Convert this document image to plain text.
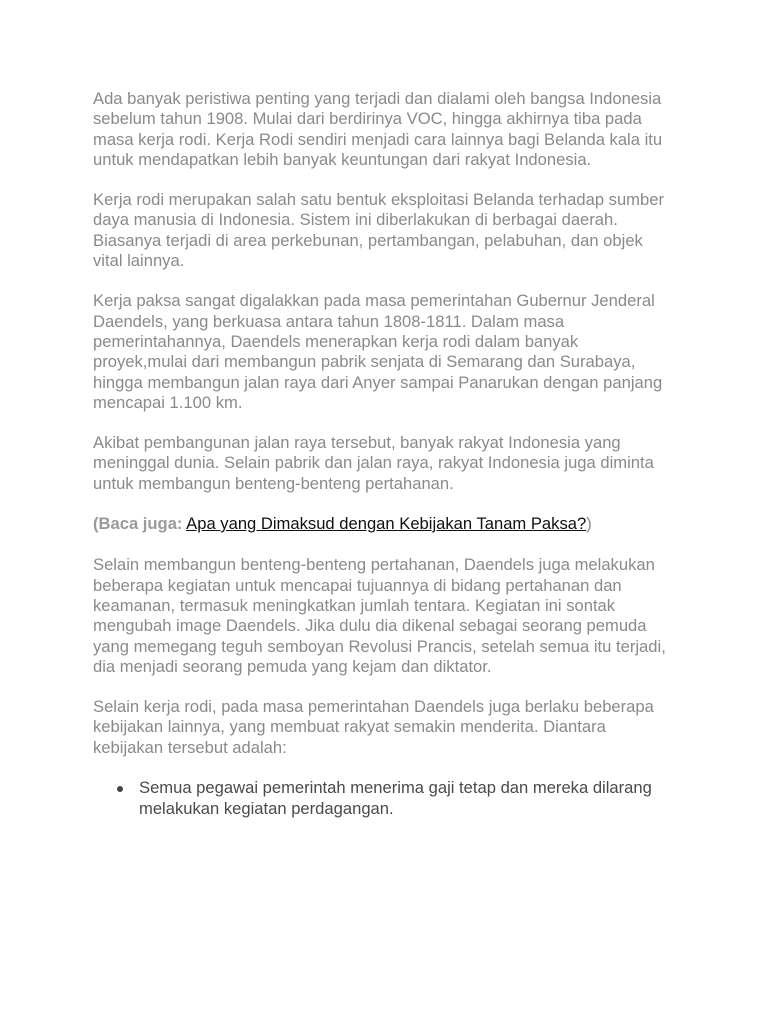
Ada banyak peristiwa penting yang terjadi dan dialami oleh bangsa Indonesia sebelum tahun 1908. Mulai dari berdirinya VOC, hingga akhirnya tiba pada masa kerja rodi. Kerja Rodi sendiri menjadi cara lainnya bagi Belanda kala itu untuk mendapatkan lebih banyak keuntungan dari rakyat Indonesia.

Kerja rodi merupakan salah satu bentuk eksploitasi Belanda terhadap sumber daya manusia di Indonesia. Sistem ini diberlakukan di berbagai daerah. Biasanya terjadi di area perkebunan, pertambangan, pelabuhan, dan objek vital lainnya.

Kerja paksa sangat digalakkan pada masa pemerintahan Gubernur Jenderal Daendels, yang berkuasa antara tahun 1808-1811. Dalam masa pemerintahannya, Daendels menerapkan kerja rodi dalam banyak proyek,mulai dari membangun pabrik senjata di Semarang dan Surabaya, hingga membangun jalan raya dari Anyer sampai Panarukan dengan panjang mencapai 1.100 km.

Akibat pembangunan jalan raya tersebut, banyak rakyat Indonesia yang meninggal dunia. Selain pabrik dan jalan raya, rakyat Indonesia juga diminta untuk membangun benteng-benteng pertahanan.

(Baca juga: Apa yang Dimaksud dengan Kebijakan Tanam Paksa?)

Selain membangun benteng-benteng pertahanan, Daendels juga melakukan beberapa kegiatan untuk mencapai tujuannya di bidang pertahanan dan keamanan, termasuk meningkatkan jumlah tentara. Kegiatan ini sontak mengubah image Daendels. Jika dulu dia dikenal sebagai seorang pemuda yang memegang teguh semboyan Revolusi Prancis, setelah semua itu terjadi, dia menjadi seorang pemuda yang kejam dan diktator.

Selain kerja rodi, pada masa pemerintahan Daendels juga berlaku beberapa kebijakan lainnya, yang membuat rakyat semakin menderita. Diantara kebijakan tersebut adalah:

Semua pegawai pemerintah menerima gaji tetap dan mereka dilarang melakukan kegiatan perdagangan.
